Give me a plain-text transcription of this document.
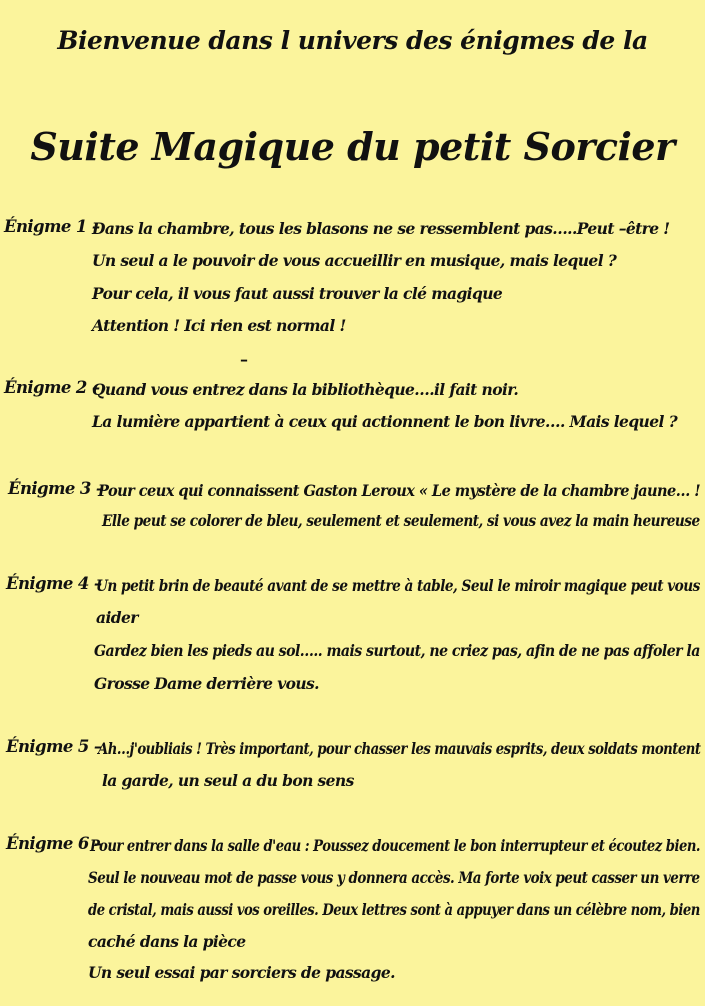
Bienvenue dans l univers des énigmes de la
Suite Magique du petit Sorcier
Énigme 1 –
Dans la chambre, tous les blasons ne se ressemblent pas…..Peut –être !
Un seul a le pouvoir de vous accueillir en musique, mais lequel ?
Pour cela, il vous faut aussi trouver la clé magique
Attention ! Ici rien est normal !
–
Énigme 2 –
Quand vous entrez dans la bibliothèque….il fait noir.
La lumière appartient à ceux qui actionnent le bon livre…. Mais lequel ?
Énigme 3 –
Pour ceux qui connaissent Gaston Leroux « Le mystère de la chambre jaune… !
Elle peut se colorer de bleu, seulement et seulement, si vous avez la main heureuse
Énigme 4 –
Un petit brin de beauté avant de se mettre à table, Seul le miroir magique peut vous
aider
Gardez bien les pieds au sol….. mais surtout, ne criez pas, afin de ne pas affoler la
Grosse Dame derrière vous.
Énigme 5 –
Ah…j'oubliais ! Très important, pour chasser les mauvais esprits, deux soldats montent
la garde, un seul a du bon sens
Énigme 6 –
Pour entrer dans la salle d'eau : Poussez doucement le bon interrupteur et écoutez bien.
Seul le nouveau mot de passe vous y donnera accès. Ma forte voix peut casser un verre
de cristal, mais aussi vos oreilles. Deux lettres sont à appuyer dans un célèbre nom, bien
caché dans la pièce
Un seul essai par sorciers de passage.
